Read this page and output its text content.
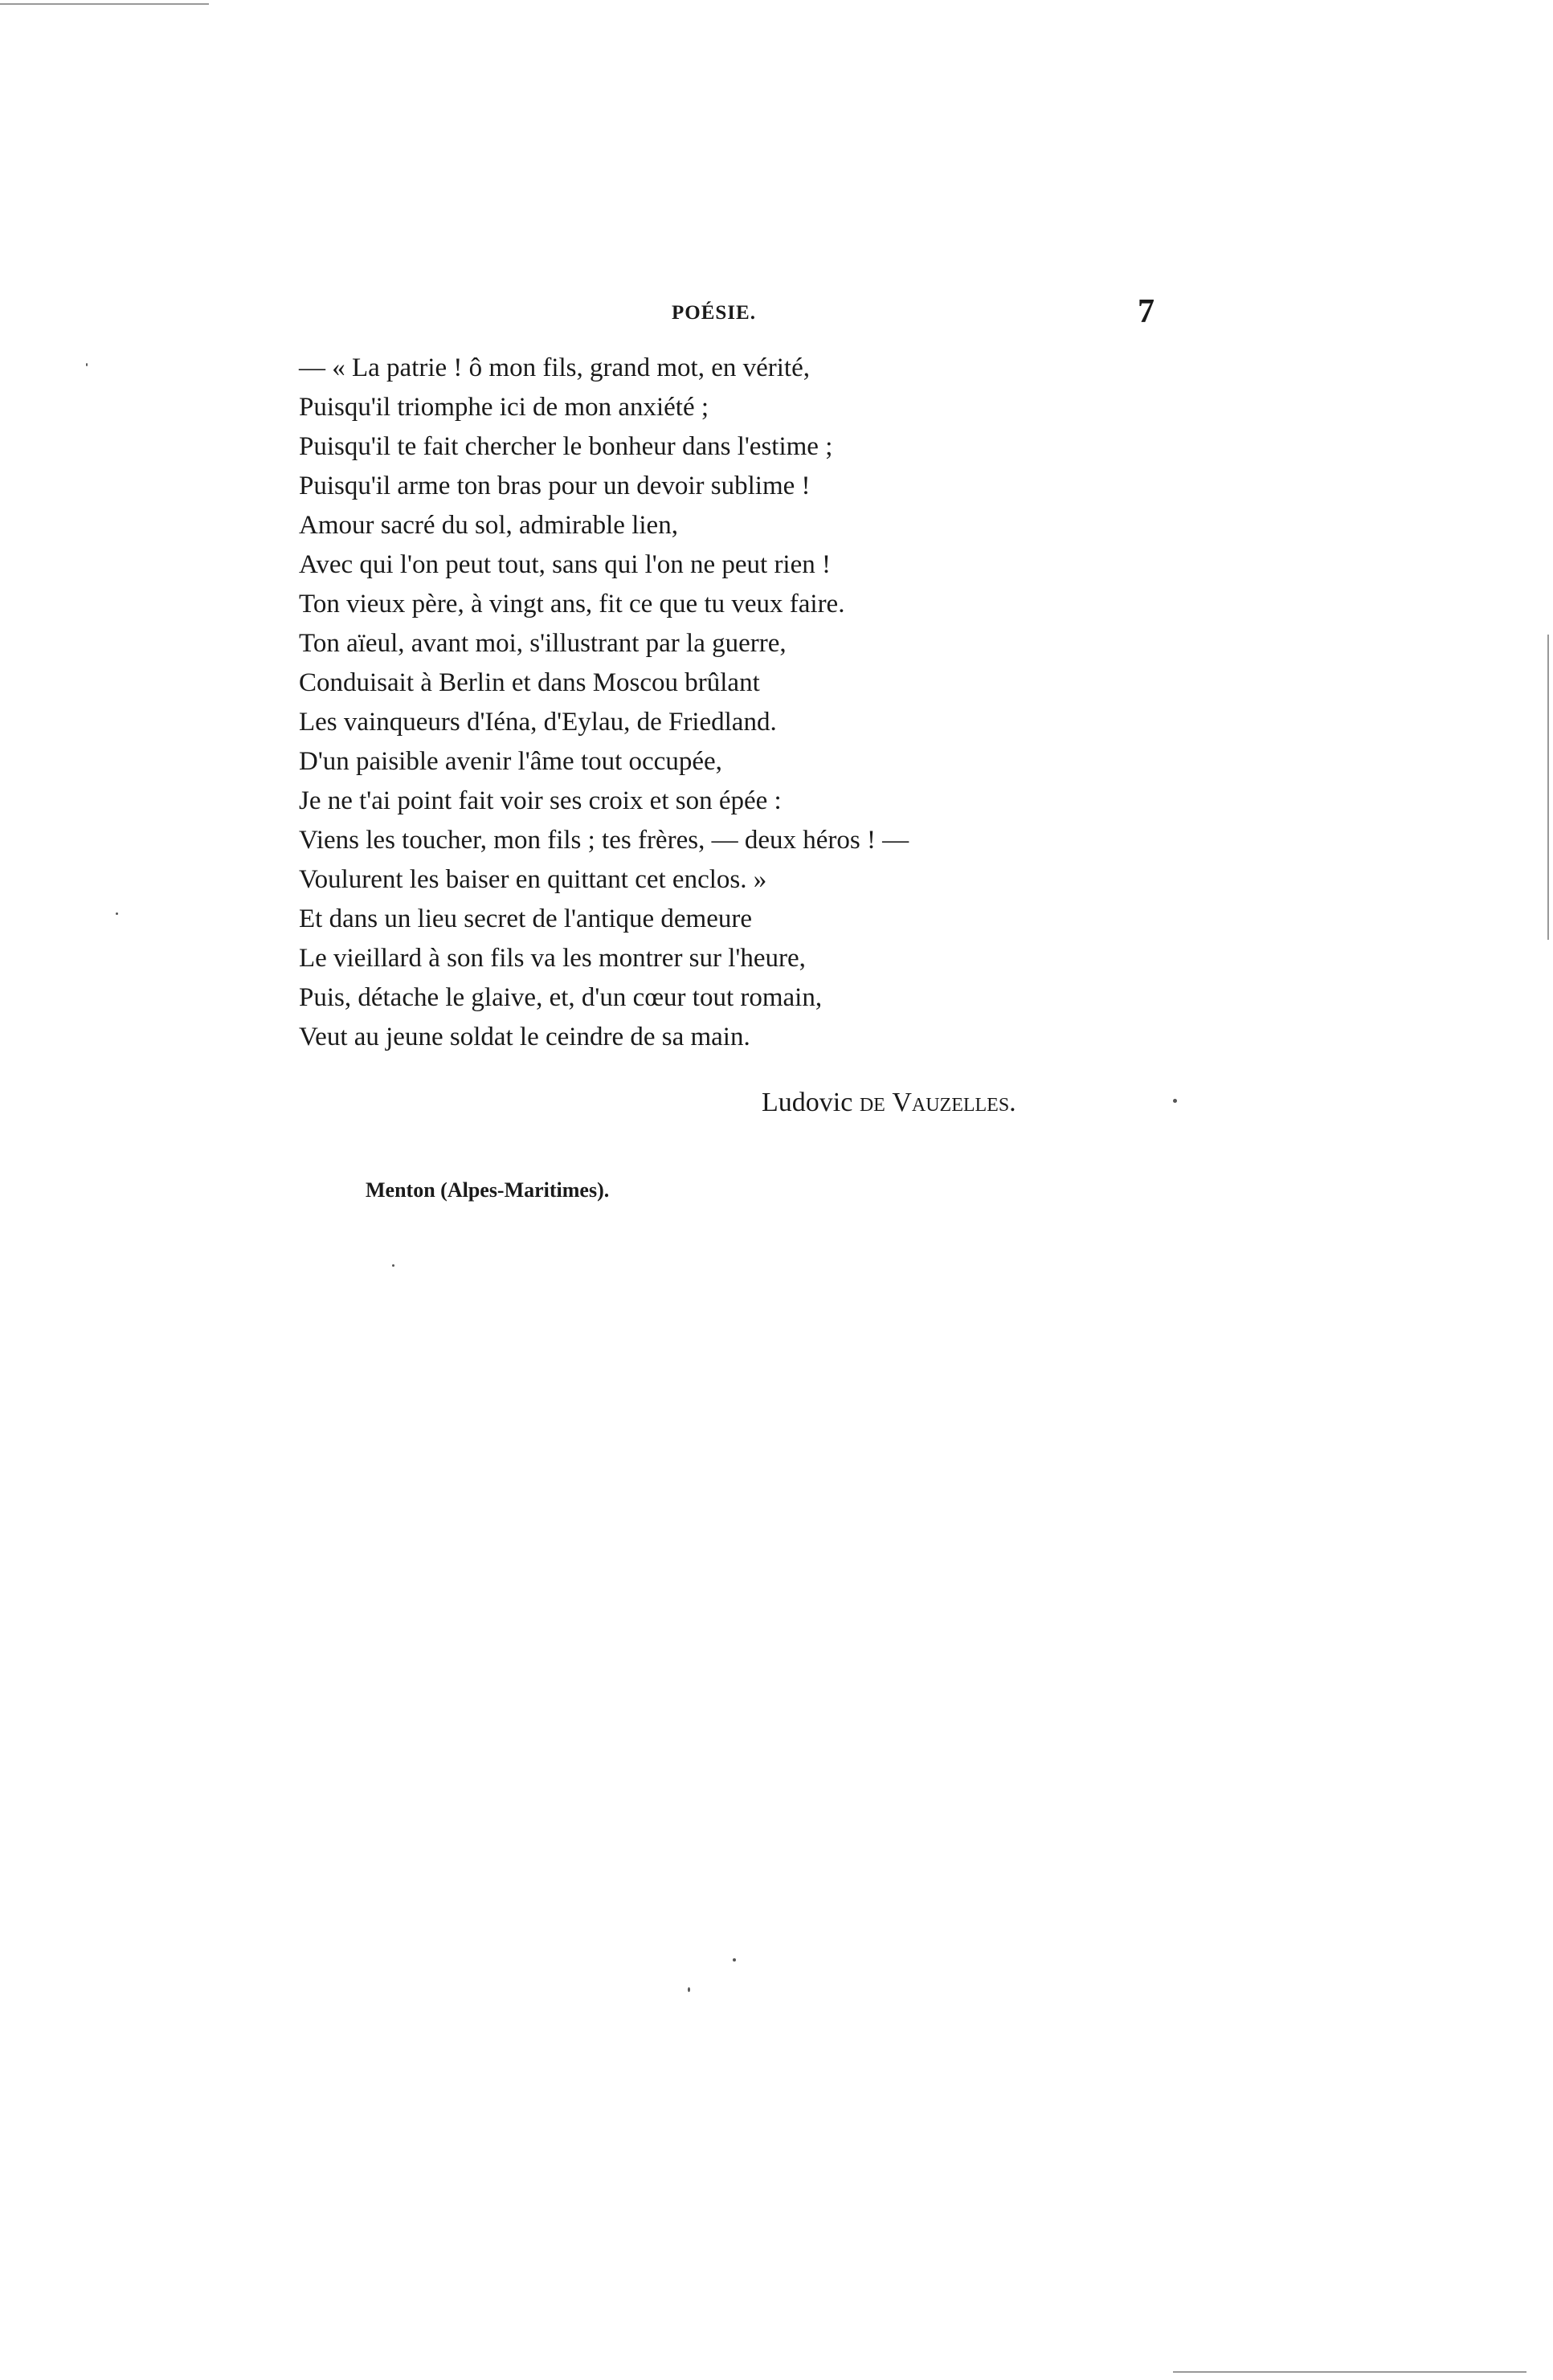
POÉSIE.	7
— « La patrie ! ô mon fils, grand mot, en vérité,
Puisqu'il triomphe ici de mon anxiété ;
Puisqu'il te fait chercher le bonheur dans l'estime ;
Puisqu'il arme ton bras pour un devoir sublime !
Amour sacré du sol, admirable lien,
Avec qui l'on peut tout, sans qui l'on ne peut rien !
Ton vieux père, à vingt ans, fit ce que tu veux faire.
Ton aïeul, avant moi, s'illustrant par la guerre,
Conduisait à Berlin et dans Moscou brûlant
Les vainqueurs d'Iéna, d'Eylau, de Friedland.
D'un paisible avenir l'âme tout occupée,
Je ne t'ai point fait voir ses croix et son épée :
Viens les toucher, mon fils ; tes frères, — deux héros ! —
Voulurent les baiser en quittant cet enclos. »
Et dans un lieu secret de l'antique demeure
Le vieillard à son fils va les montrer sur l'heure,
Puis, détache le glaive, et, d'un cœur tout romain,
Veut au jeune soldat le ceindre de sa main.
Ludovic de Vauzelles.
Menton (Alpes-Maritimes).
